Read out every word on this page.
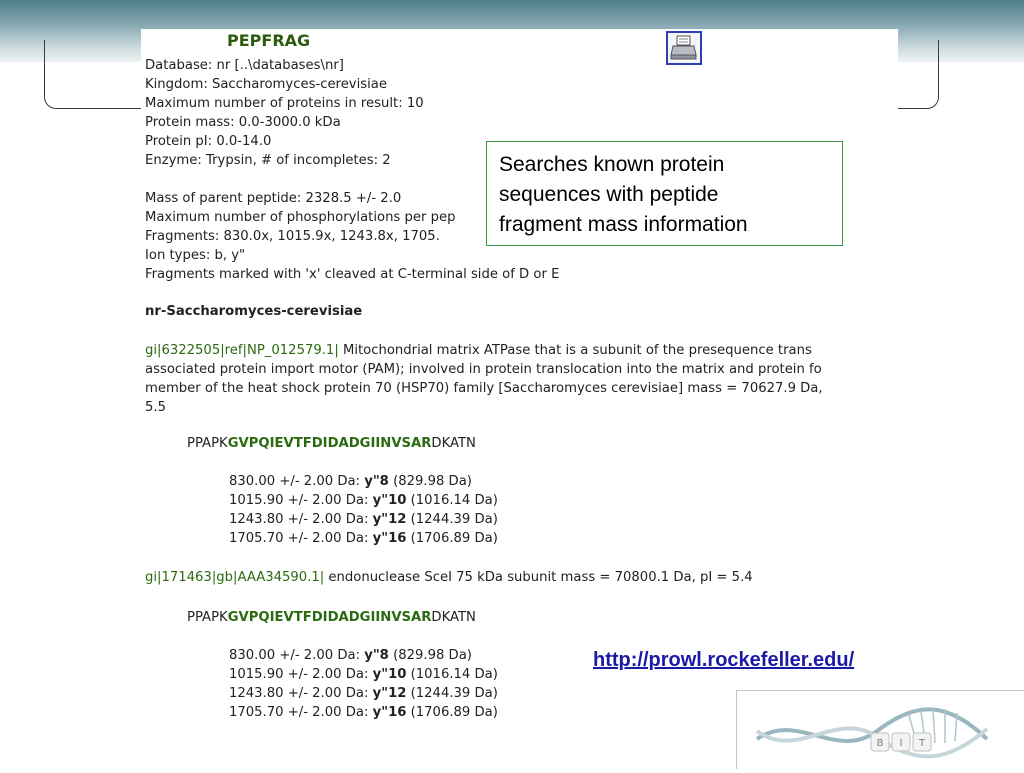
PEPFRAG
Database: nr [..\databases\nr]
Kingdom: Saccharomyces-cerevisiae
Maximum number of proteins in result: 10
Protein mass: 0.0-3000.0 kDa
Protein pI: 0.0-14.0
Enzyme: Trypsin, # of incompletes: 2
Mass of parent peptide: 2328.5 +/- 2.0
Maximum number of phosphorylations per pep
Fragments: 830.0x, 1015.9x, 1243.8x, 1705.
Ion types: b, y"
Fragments marked with 'x' cleaved at C-terminal side of D or E
nr-Saccharomyces-cerevisiae
gi|6322505|ref|NP_012579.1| Mitochondrial matrix ATPase that is a subunit of the presequence trans
associated protein import motor (PAM); involved in protein translocation into the matrix and protein fo
member of the heat shock protein 70 (HSP70) family [Saccharomyces cerevisiae] mass = 70627.9 Da,
5.5
PPAPKGVPQIEVTFDIDADGIINVSARDKATN
830.00 +/- 2.00 Da: y"8 (829.98 Da)
1015.90 +/- 2.00 Da: y"10 (1016.14 Da)
1243.80 +/- 2.00 Da: y"12 (1244.39 Da)
1705.70 +/- 2.00 Da: y"16 (1706.89 Da)
gi|171463|gb|AAA34590.1| endonuclease SceI 75 kDa subunit mass = 70800.1 Da, pI = 5.4
PPAPKGVPQIEVTFDIDADGIINVSARDKATN
830.00 +/- 2.00 Da: y"8 (829.98 Da)
1015.90 +/- 2.00 Da: y"10 (1016.14 Da)
1243.80 +/- 2.00 Da: y"12 (1244.39 Da)
1705.70 +/- 2.00 Da: y"16 (1706.89 Da)
Searches known protein
sequences with peptide
fragment mass information
http://prowl.rockefeller.edu/
B I T
